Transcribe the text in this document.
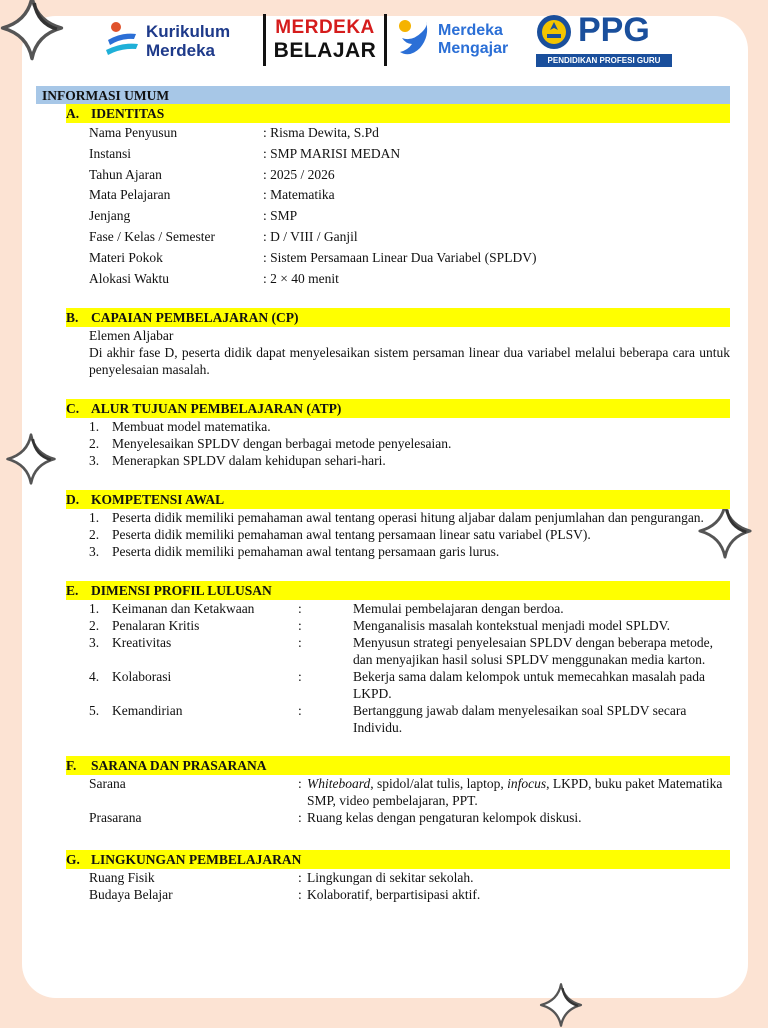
Kurikulum
Merdeka
MERDEKA
BELAJAR
Merdeka
Mengajar PPG
PENDIDIKAN PROFESI GURU
INFORMASI UMUM
A. IDENTITAS
Nama Penyusun	: Risma Dewita, S.Pd
Instansi	: SMP MARISI MEDAN
Tahun Ajaran	: 2025 / 2026
Mata Pelajaran	: Matematika
Jenjang	: SMP
Fase / Kelas / Semester	: D / VIII / Ganjil
Materi Pokok	: Sistem Persamaan Linear Dua Variabel (SPLDV)
Alokasi Waktu	: 2 × 40 menit
B. CAPAIAN PEMBELAJARAN (CP)
Elemen Aljabar
Di akhir fase D, peserta didik dapat menyelesaikan sistem persaman linear dua variabel melalui beberapa cara untuk penyelesaian masalah.
C. ALUR TUJUAN PEMBELAJARAN (ATP)
1. Membuat model matematika.
2. Menyelesaikan SPLDV dengan berbagai metode penyelesaian.
3. Menerapkan SPLDV dalam kehidupan sehari-hari.
D. KOMPETENSI AWAL
1. Peserta didik memiliki pemahaman awal tentang operasi hitung aljabar dalam penjumlahan dan pengurangan.
2. Peserta didik memiliki pemahaman awal tentang persamaan linear satu variabel (PLSV).
3. Peserta didik memiliki pemahaman awal tentang persamaan garis lurus.
E. DIMENSI PROFIL LULUSAN
1. Keimanan dan Ketakwaan	:	Memulai pembelajaran dengan berdoa.
2. Penalaran Kritis	:	Menganalisis masalah kontekstual menjadi model SPLDV.
3. Kreativitas	:	Menyusun strategi penyelesaian SPLDV dengan beberapa metode, dan menyajikan hasil solusi SPLDV menggunakan media karton.
4. Kolaborasi	:	Bekerja sama dalam kelompok untuk memecahkan masalah pada LKPD.
5. Kemandirian	:	Bertanggung jawab dalam menyelesaikan soal SPLDV secara Individu.
F. SARANA DAN PRASARANA
Sarana	: Whiteboard, spidol/alat tulis, laptop, infocus, LKPD, buku paket Matematika SMP, video pembelajaran, PPT.
Prasarana	: Ruang kelas dengan pengaturan kelompok diskusi.
G. LINGKUNGAN PEMBELAJARAN
Ruang Fisik	: Lingkungan di sekitar sekolah.
Budaya Belajar	: Kolaboratif, berpartisipasi aktif.
